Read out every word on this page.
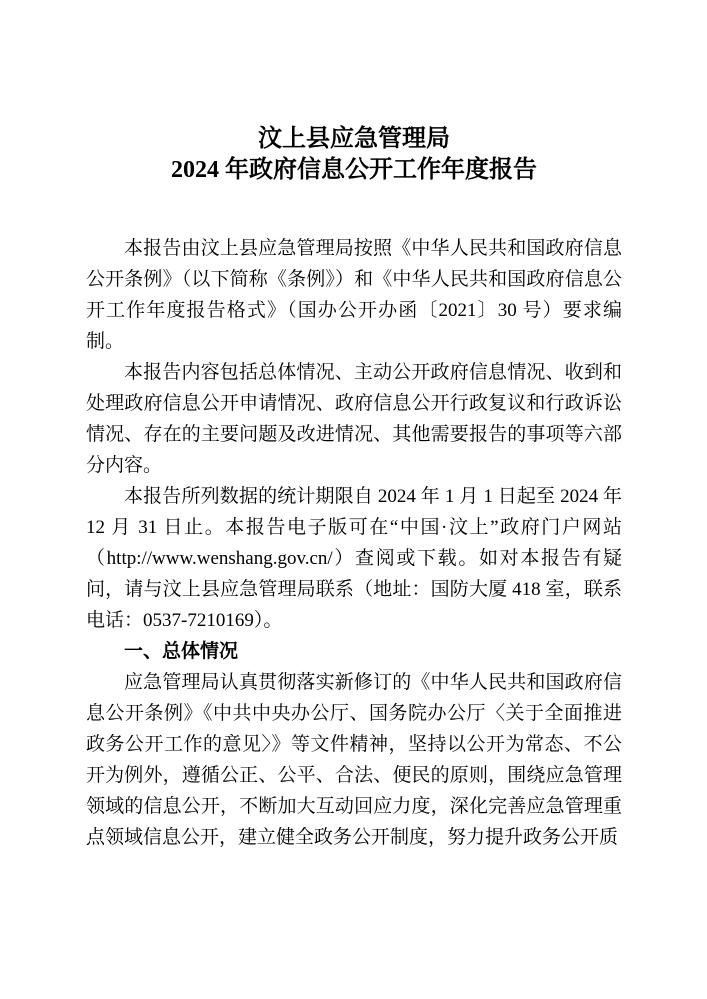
汶上县应急管理局
2024 年政府信息公开工作年度报告

本报告由汶上县应急管理局按照《中华人民共和国政府信息公开条例》（以下简称《条例》）和《中华人民共和国政府信息公开工作年度报告格式》（国办公开办函〔2021〕30 号）要求编制。

本报告内容包括总体情况、主动公开政府信息情况、收到和处理政府信息公开申请情况、政府信息公开行政复议和行政诉讼情况、存在的主要问题及改进情况、其他需要报告的事项等六部分内容。

本报告所列数据的统计期限自 2024 年 1 月 1 日起至 2024 年 12 月 31 日止。本报告电子版可在“中国·汶上”政府门户网站（http://www.wenshang.gov.cn/）查阅或下载。如对本报告有疑问，请与汶上县应急管理局联系（地址：国防大厦 418 室，联系电话：0537-7210169）。

一、总体情况

应急管理局认真贯彻落实新修订的《中华人民共和国政府信息公开条例》《中共中央办公厅、国务院办公厅〈关于全面推进政务公开工作的意见〉》等文件精神，坚持以公开为常态、不公开为例外，遵循公正、公平、合法、便民的原则，围绕应急管理领域的信息公开，不断加大互动回应力度，深化完善应急管理重点领域信息公开，建立健全政务公开制度，努力提升政务公开质
